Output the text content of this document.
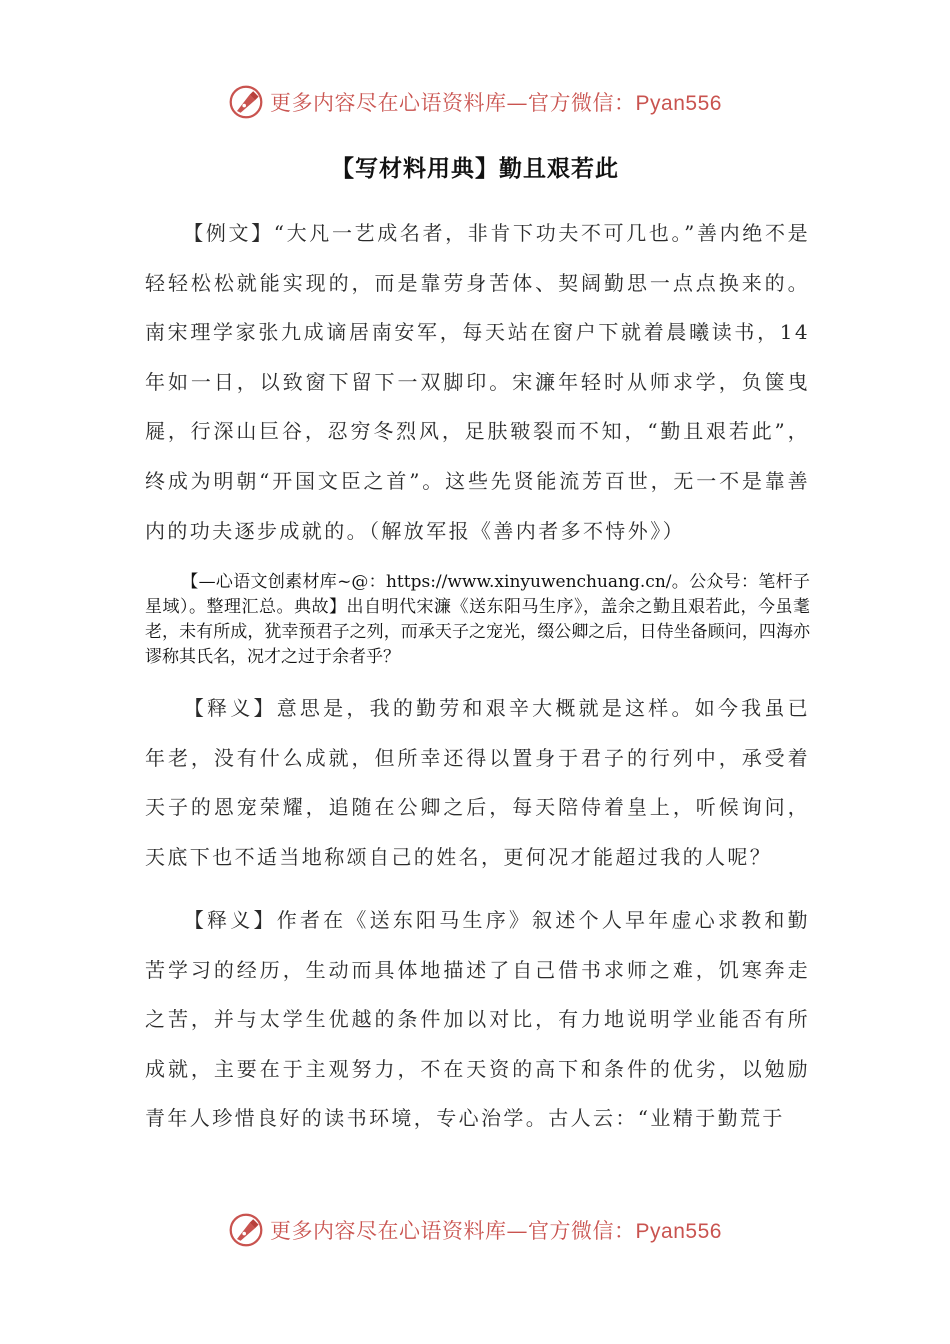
更多内容尽在心语资料库—官方微信：Pyan556
【写材料用典】勤且艰若此

【例文】“大凡一艺成名者，非肯下功夫不可几也。”善内绝不是轻轻松松就能实现的，而是靠劳身苦体、契阔勤思一点点换来的。南宋理学家张九成谪居南安军，每天站在窗户下就着晨曦读书，14 年如一日，以致窗下留下一双脚印。宋濂年轻时从师求学，负箧曳屣，行深山巨谷，忍穷冬烈风，足肤皲裂而不知，“勤且艰若此”，终成为明朝“开国文臣之首”。这些先贤能流芳百世，无一不是靠善内的功夫逐步成就的。（解放军报《善内者多不恃外》）

【—心语文创素材库~@：https://www.xinyuwenchuang.cn/。公众号：笔杆子星域）。整理汇总。典故】出自明代宋濂《送东阳马生序》，盖余之勤且艰若此，今虽耄老，未有所成，犹幸预君子之列，而承天子之宠光，缀公卿之后，日侍坐备顾问，四海亦谬称其氏名，况才之过于余者乎？

【释义】意思是，我的勤劳和艰辛大概就是这样。如今我虽已年老，没有什么成就，但所幸还得以置身于君子的行列中，承受着天子的恩宠荣耀，追随在公卿之后，每天陪侍着皇上，听候询问，天底下也不适当地称颂自己的姓名，更何况才能超过我的人呢？

【释义】作者在《送东阳马生序》叙述个人早年虚心求教和勤苦学习的经历，生动而具体地描述了自己借书求师之难，饥寒奔走之苦，并与太学生优越的条件加以对比，有力地说明学业能否有所成就，主要在于主观努力，不在天资的高下和条件的优劣，以勉励青年人珍惜良好的读书环境，专心治学。古人云：“业精于勤荒于

更多内容尽在心语资料库—官方微信：Pyan556
